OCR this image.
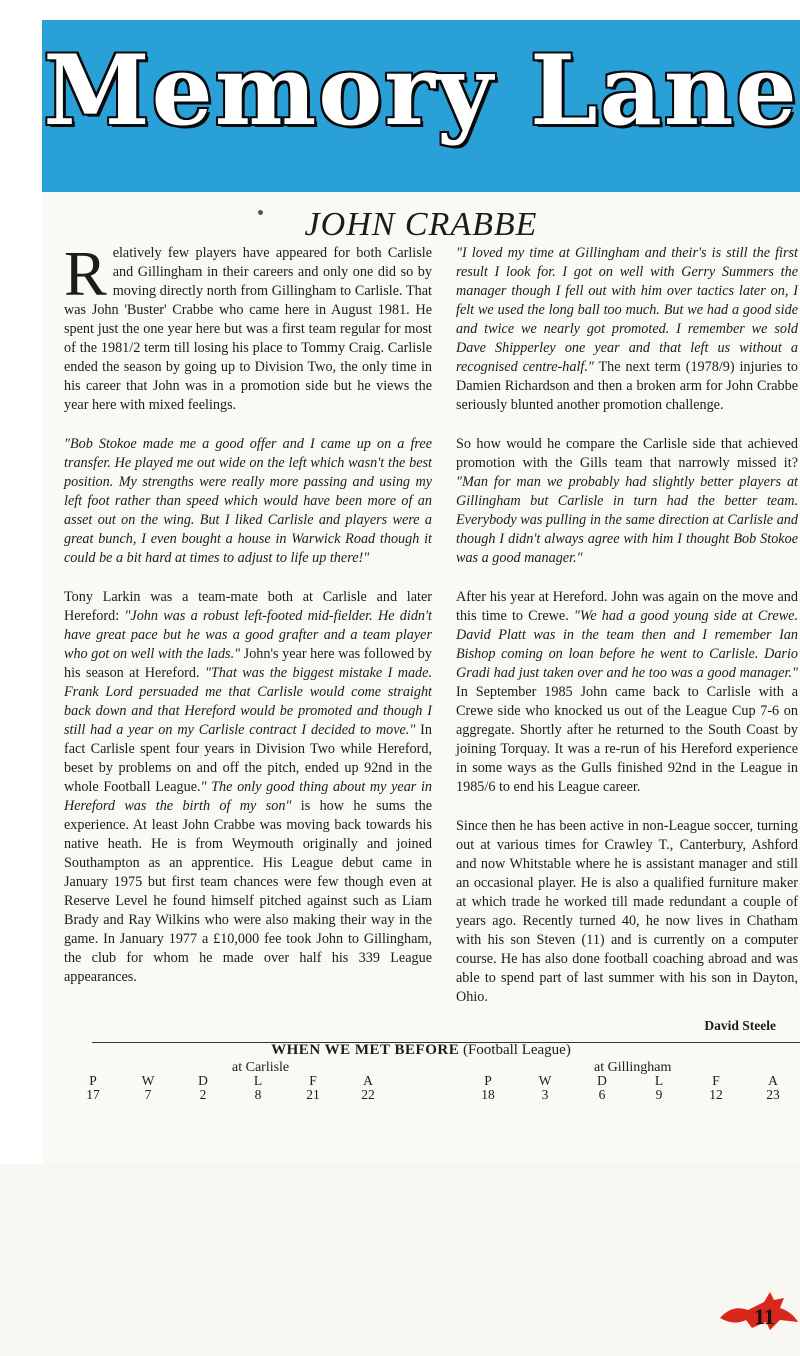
Memory Lane
JOHN CRABBE

Relatively few players have appeared for both Carlisle and Gillingham in their careers and only one did so by moving directly north from Gillingham to Carlisle. That was John 'Buster' Crabbe who came here in August 1981. He spent just the one year here but was a first team regular for most of the 1981/2 term till losing his place to Tommy Craig. Carlisle ended the season by going up to Division Two, the only time in his career that John was in a promotion side but he views the year here with mixed feelings.

"Bob Stokoe made me a good offer and I came up on a free transfer. He played me out wide on the left which wasn't the best position. My strengths were really more passing and using my left foot rather than speed which would have been more of an asset out on the wing. But I liked Carlisle and players were a great bunch, I even bought a house in Warwick Road though it could be a bit hard at times to adjust to life up there!"

Tony Larkin was a team-mate both at Carlisle and later Hereford: "John was a robust left-footed mid-fielder. He didn't have great pace but he was a good grafter and a team player who got on well with the lads." John's year here was followed by his season at Hereford. "That was the biggest mistake I made. Frank Lord persuaded me that Carlisle would come straight back down and that Hereford would be promoted and though I still had a year on my Carlisle contract I decided to move." In fact Carlisle spent four years in Division Two while Hereford, beset by problems on and off the pitch, ended up 92nd in the whole Football League." The only good thing about my year in Hereford was the birth of my son" is how he sums the experience. At least John Crabbe was moving back towards his native heath. He is from Weymouth originally and joined Southampton as an apprentice. His League debut came in January 1975 but first team chances were few though even at Reserve Level he found himself pitched against such as Liam Brady and Ray Wilkins who were also making their way in the game. In January 1977 a £10,000 fee took John to Gillingham, the club for whom he made over half his 339 League appearances.

"I loved my time at Gillingham and their's is still the first result I look for. I got on well with Gerry Summers the manager though I fell out with him over tactics later on, I felt we used the long ball too much. But we had a good side and twice we nearly got promoted. I remember we sold Dave Shipperley one year and that left us without a recognised centre-half." The next term (1978/9) injuries to Damien Richardson and then a broken arm for John Crabbe seriously blunted another promotion challenge.

So how would he compare the Carlisle side that achieved promotion with the Gills team that narrowly missed it? "Man for man we probably had slightly better players at Gillingham but Carlisle in turn had the better team. Everybody was pulling in the same direction at Carlisle and though I didn't always agree with him I thought Bob Stokoe was a good manager."

After his year at Hereford. John was again on the move and this time to Crewe. "We had a good young side at Crewe. David Platt was in the team then and I remember Ian Bishop coming on loan before he went to Carlisle. Dario Gradi had just taken over and he too was a good manager." In September 1985 John came back to Carlisle with a Crewe side who knocked us out of the League Cup 7-6 on aggregate. Shortly after he returned to the South Coast by joining Torquay. It was a re-run of his Hereford experience in some ways as the Gulls finished 92nd in the League in 1985/6 to end his League career.

Since then he has been active in non-League soccer, turning out at various times for Crawley T., Canterbury, Ashford and now Whitstable where he is assistant manager and still an occasional player. He is also a qualified furniture maker at which trade he worked till made redundant a couple of years ago. Recently turned 40, he now lives in Chatham with his son Steven (11) and is currently on a computer course. He has also done football coaching abroad and was able to spend part of last summer with his son in Dayton, Ohio.

David Steele
WHEN WE MET BEFORE (Football League)
at Carlisle	at Gillingham
P
17
W
7
D
2
L
8
F
21
A
22
P
18
W
3
D
6
L
9
F
12
A
23
11
